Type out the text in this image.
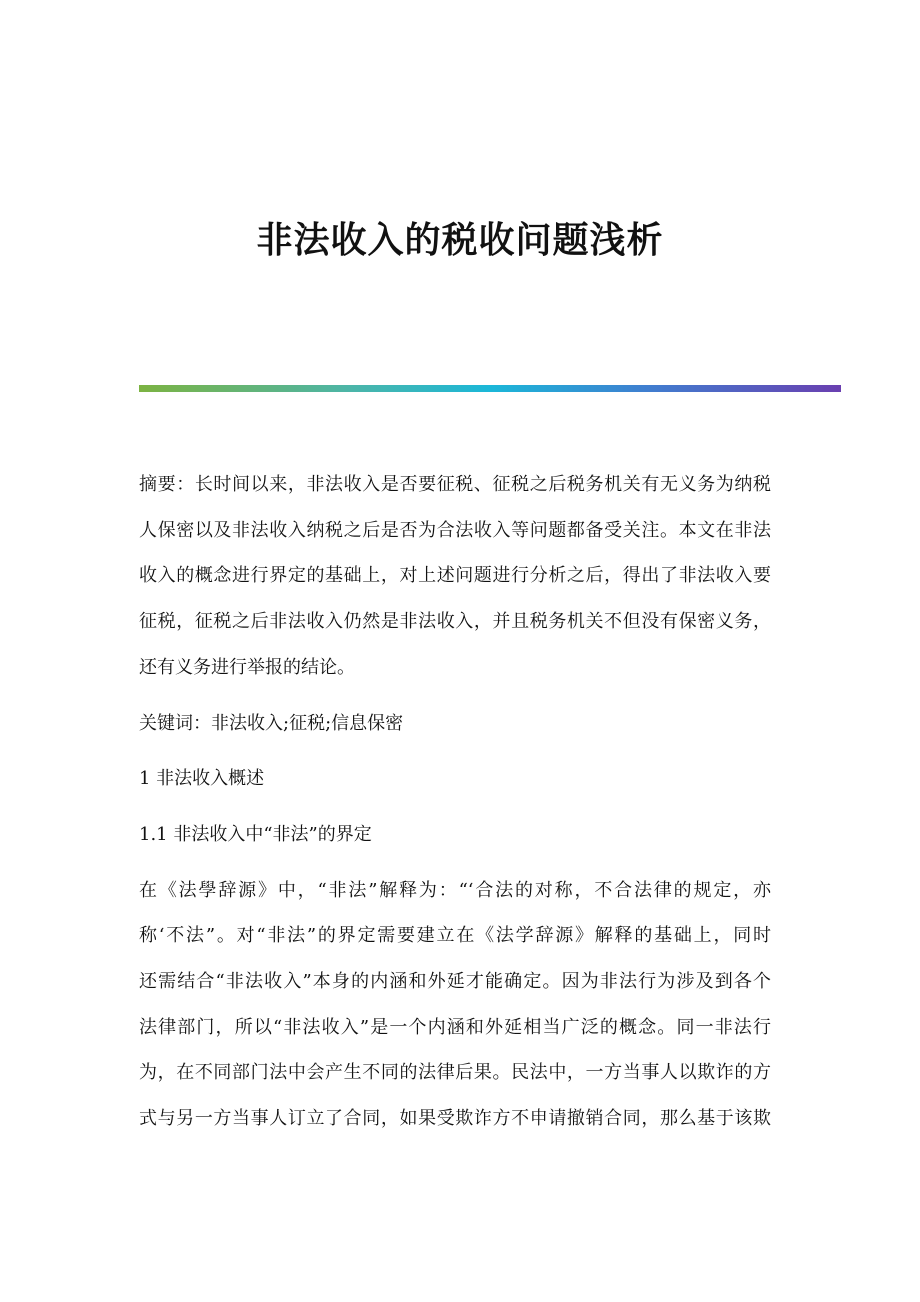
非法收入的税收问题浅析
摘要：长时间以来，非法收入是否要征税、征税之后税务机关有无义务为纳税
人保密以及非法收入纳税之后是否为合法收入等问题都备受关注。本文在非法
收入的概念进行界定的基础上，对上述问题进行分析之后，得出了非法收入要
征税，征税之后非法收入仍然是非法收入，并且税务机关不但没有保密义务，
还有义务进行举报的结论。
关键词：非法收入;征税;信息保密
1 非法收入概述
1.1 非法收入中“非法”的界定
在《法學辞源》中，“非法”解释为：“‘合法的对称，不合法律的规定，亦
称‘不法”。对“非法”的界定需要建立在《法学辞源》解释的基础上，同时
还需结合“非法收入”本身的内涵和外延才能确定。因为非法行为涉及到各个
法律部门，所以“非法收入”是一个内涵和外延相当广泛的概念。同一非法行
为，在不同部门法中会产生不同的法律后果。民法中，一方当事人以欺诈的方
式与另一方当事人订立了合同，如果受欺诈方不申请撤销合同，那么基于该欺
